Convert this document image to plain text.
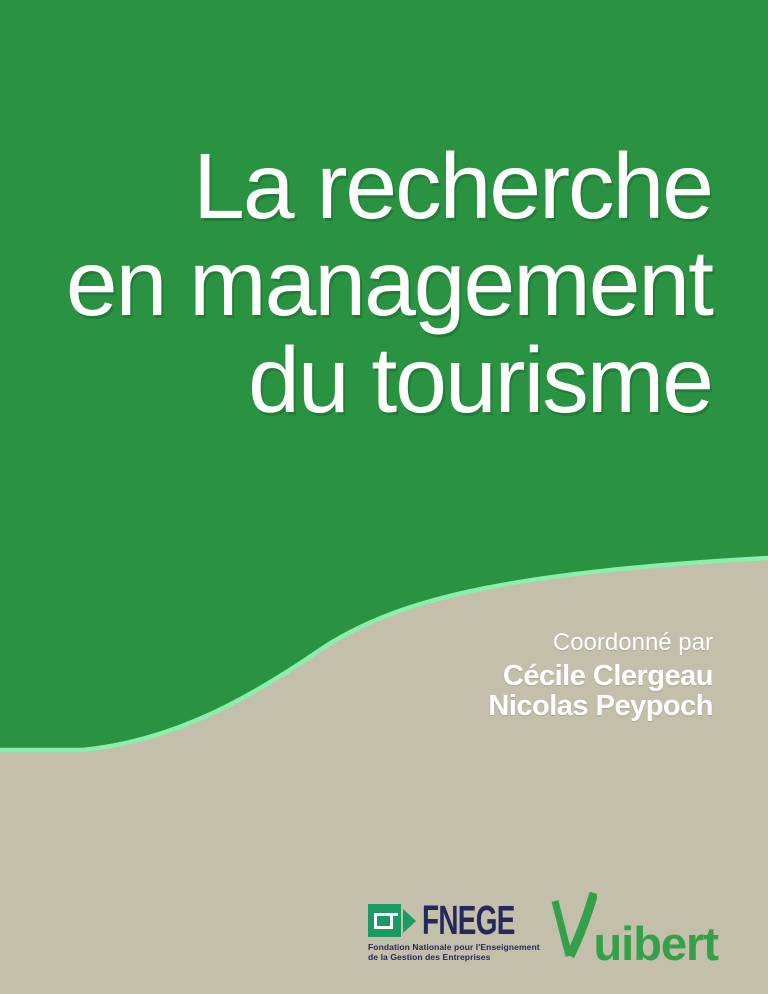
La recherche
en management
du tourisme
Coordonné par
Cécile Clergeau
Nicolas Peypoch
FNEGE
Fondation Nationale pour l'Enseignement
de la Gestion des Entreprises	uibert
